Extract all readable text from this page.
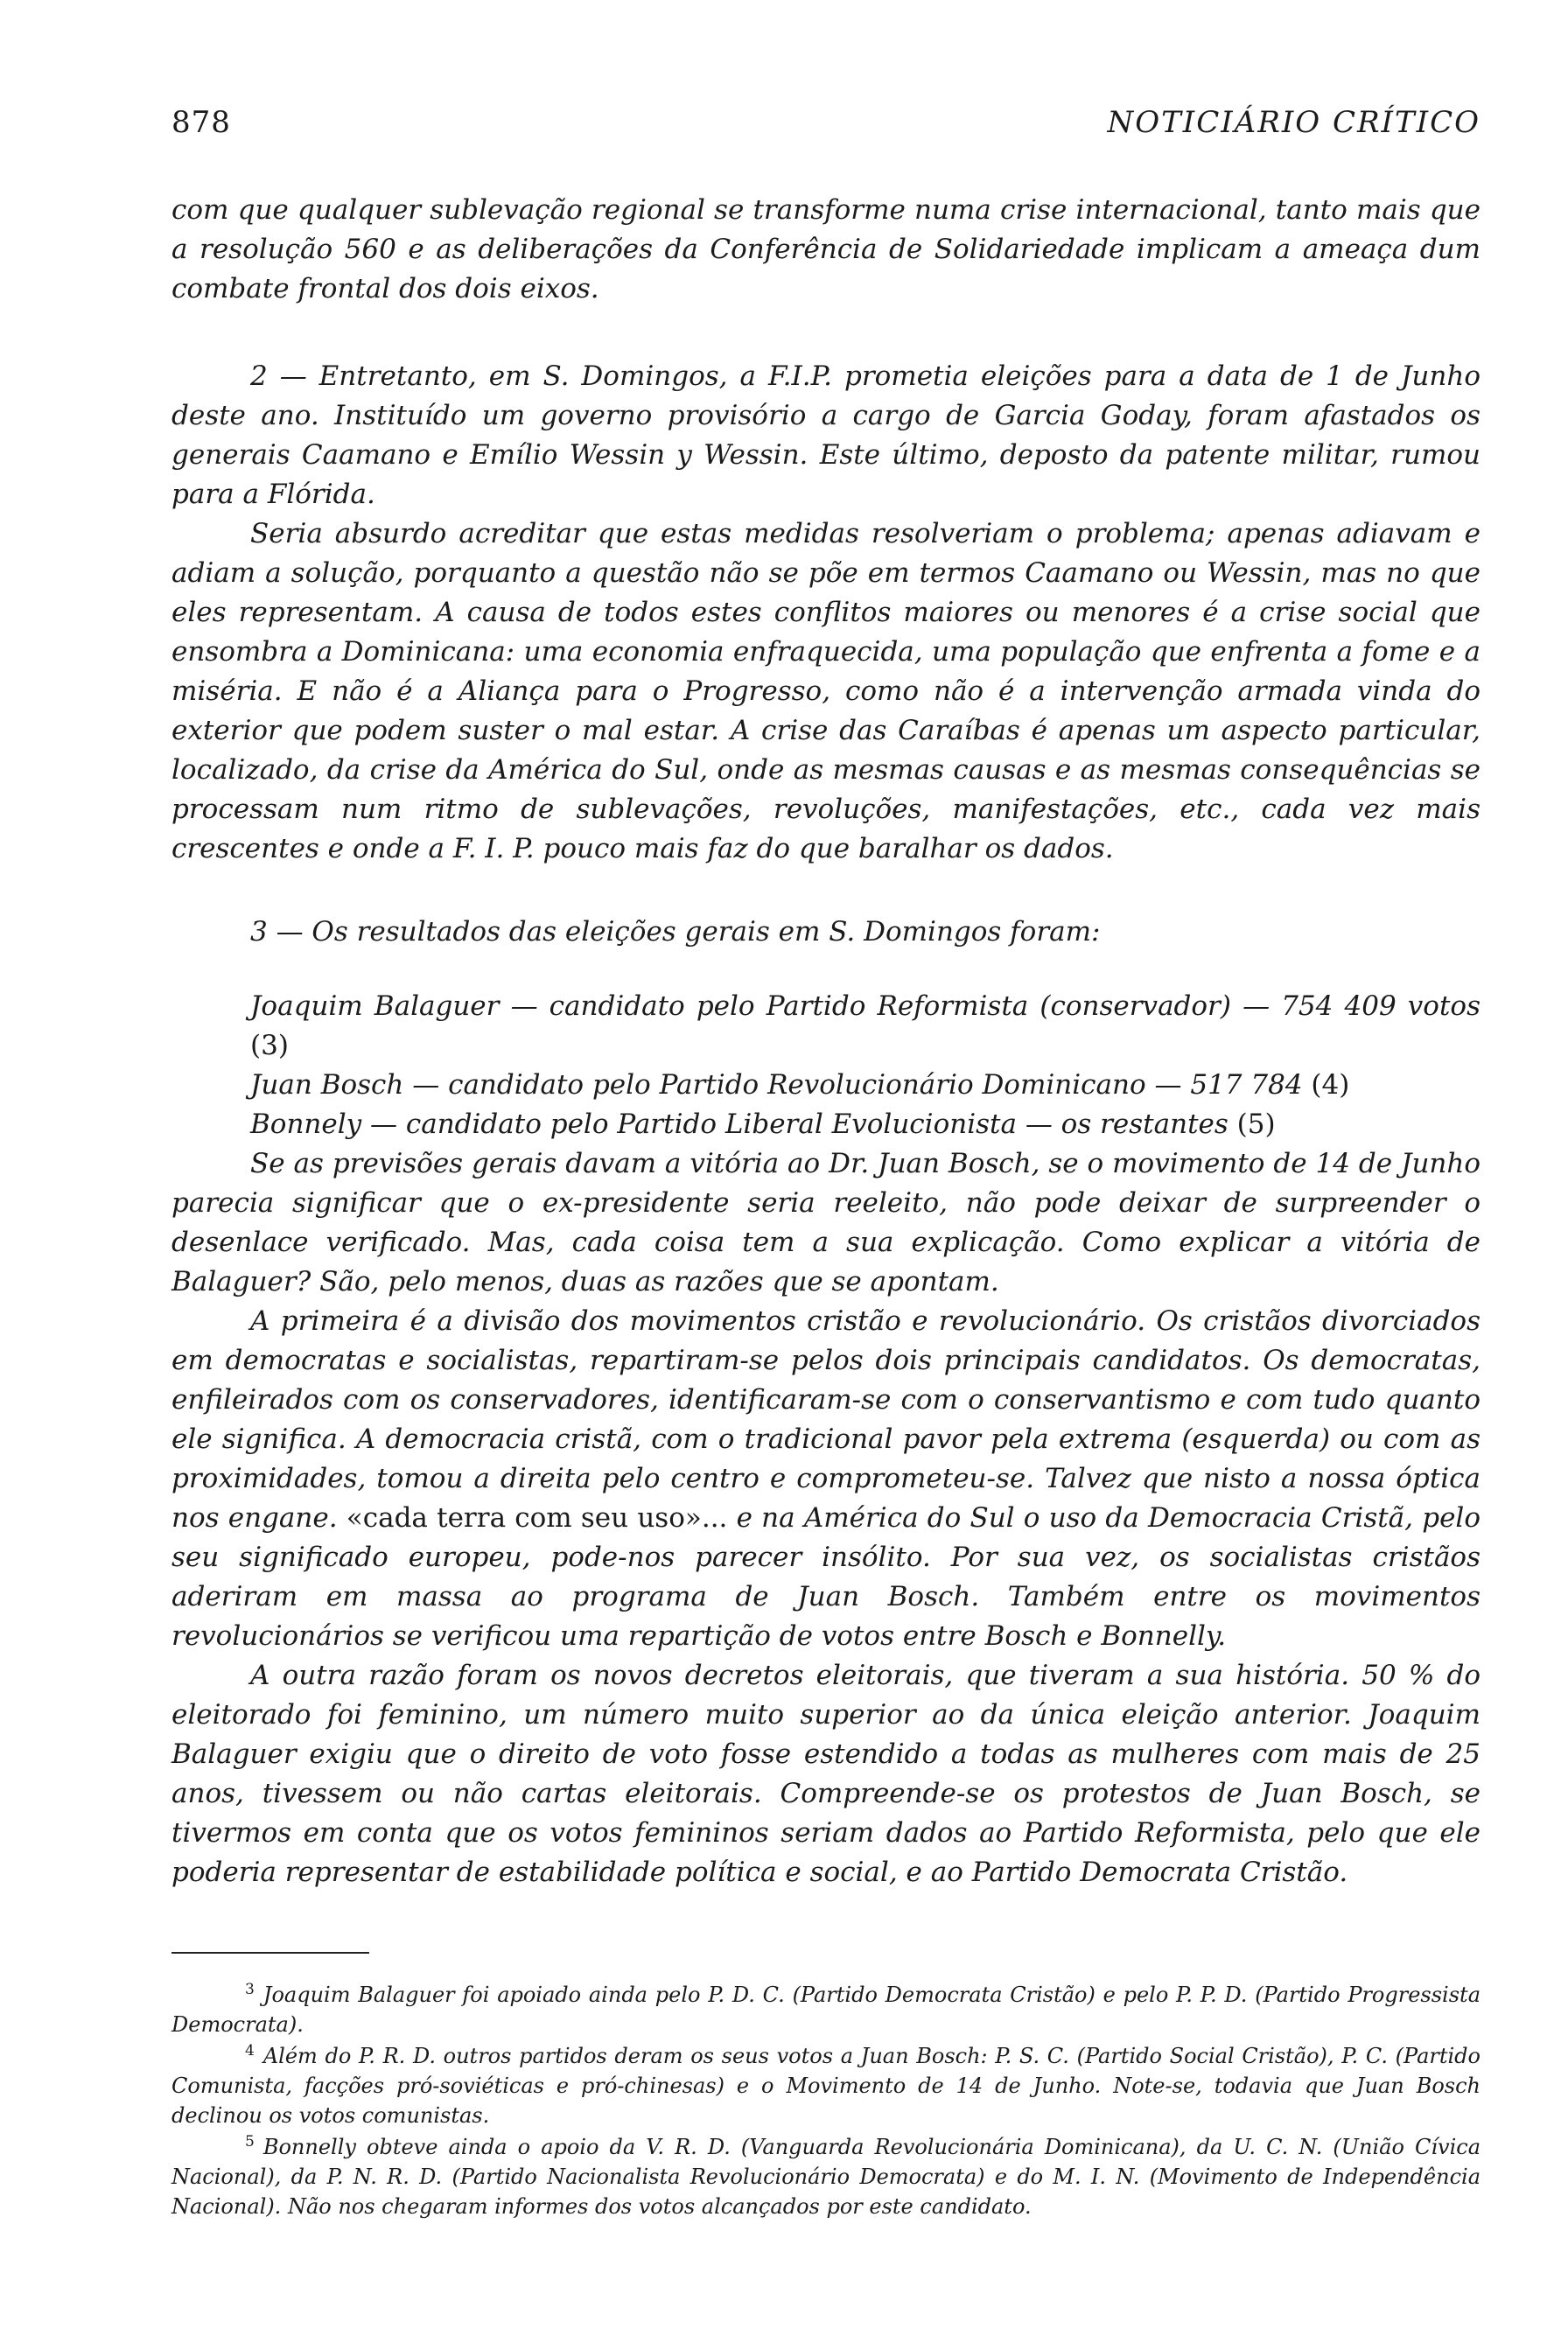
878	NOTICIÁRIO CRÍTICO

com que qualquer sublevação regional se transforme numa crise internacional, tanto mais que a resolução 560 e as deliberações da Conferência de Solidariedade implicam a ameaça dum combate frontal dos dois eixos.

2 — Entretanto, em S. Domingos, a F.I.P. prometia eleições para a data de 1 de Junho deste ano. Instituído um governo provisório a cargo de Garcia Goday, foram afastados os generais Caamano e Emílio Wessin y Wessin. Este último, deposto da patente militar, rumou para a Flórida.

Seria absurdo acreditar que estas medidas resolveriam o problema; apenas adiavam e adiam a solução, porquanto a questão não se põe em termos Caamano ou Wessin, mas no que eles representam. A causa de todos estes conflitos maiores ou menores é a crise social que ensombra a Dominicana: uma economia enfraquecida, uma população que enfrenta a fome e a miséria. E não é a Aliança para o Progresso, como não é a intervenção armada vinda do exterior que podem suster o mal estar. A crise das Caraíbas é apenas um aspecto particular, localizado, da crise da América do Sul, onde as mesmas causas e as mesmas consequências se processam num ritmo de sublevações, revoluções, manifestações, etc., cada vez mais crescentes e onde a F. I. P. pouco mais faz do que baralhar os dados.

3 — Os resultados das eleições gerais em S. Domingos foram:

Joaquim Balaguer — candidato pelo Partido Reformista (conservador) — 754 409 votos (3)
Juan Bosch — candidato pelo Partido Revolucionário Dominicano — 517 784 (4)
Bonnely — candidato pelo Partido Liberal Evolucionista — os restantes (5)

Se as previsões gerais davam a vitória ao Dr. Juan Bosch, se o movimento de 14 de Junho parecia significar que o ex-presidente seria reeleito, não pode deixar de surpreender o desenlace verificado. Mas, cada coisa tem a sua explicação. Como explicar a vitória de Balaguer? São, pelo menos, duas as razões que se apontam.

A primeira é a divisão dos movimentos cristão e revolucionário. Os cristãos divorciados em democratas e socialistas, repartiram-se pelos dois principais candidatos. Os democratas, enfileirados com os conservadores, identificaram-se com o conservantismo e com tudo quanto ele significa. A democracia cristã, com o tradicional pavor pela extrema (esquerda) ou com as proximidades, tomou a direita pelo centro e comprometeu-se. Talvez que nisto a nossa óptica nos engane. «cada terra com seu uso»... e na América do Sul o uso da Democracia Cristã, pelo seu significado europeu, pode-nos parecer insólito. Por sua vez, os socialistas cristãos aderiram em massa ao programa de Juan Bosch. Também entre os movimentos revolucionários se verificou uma repartição de votos entre Bosch e Bonnelly.

A outra razão foram os novos decretos eleitorais, que tiveram a sua história. 50 % do eleitorado foi feminino, um número muito superior ao da única eleição anterior. Joaquim Balaguer exigiu que o direito de voto fosse estendido a todas as mulheres com mais de 25 anos, tivessem ou não cartas eleitorais. Compreende-se os protestos de Juan Bosch, se tivermos em conta que os votos femininos seriam dados ao Partido Reformista, pelo que ele poderia representar de estabilidade política e social, e ao Partido Democrata Cristão.

$^3$ Joaquim Balaguer foi apoiado ainda pelo P. D. C. (Partido Democrata Cristão) e pelo P. P. D. (Partido Progressista Democrata).

$^4$ Além do P. R. D. outros partidos deram os seus votos a Juan Bosch: P. S. C. (Partido Social Cristão), P. C. (Partido Comunista, facções pró-soviéticas e pró-chinesas) e o Movimento de 14 de Junho. Note-se, todavia que Juan Bosch declinou os votos comunistas.

$^5$ Bonnelly obteve ainda o apoio da V. R. D. (Vanguarda Revolucionária Dominicana), da U. C. N. (União Cívica Nacional), da P. N. R. D. (Partido Nacionalista Revolucionário Democrata) e do M. I. N. (Movimento de Independência Nacional). Não nos chegaram informes dos votos alcançados por este candidato.
